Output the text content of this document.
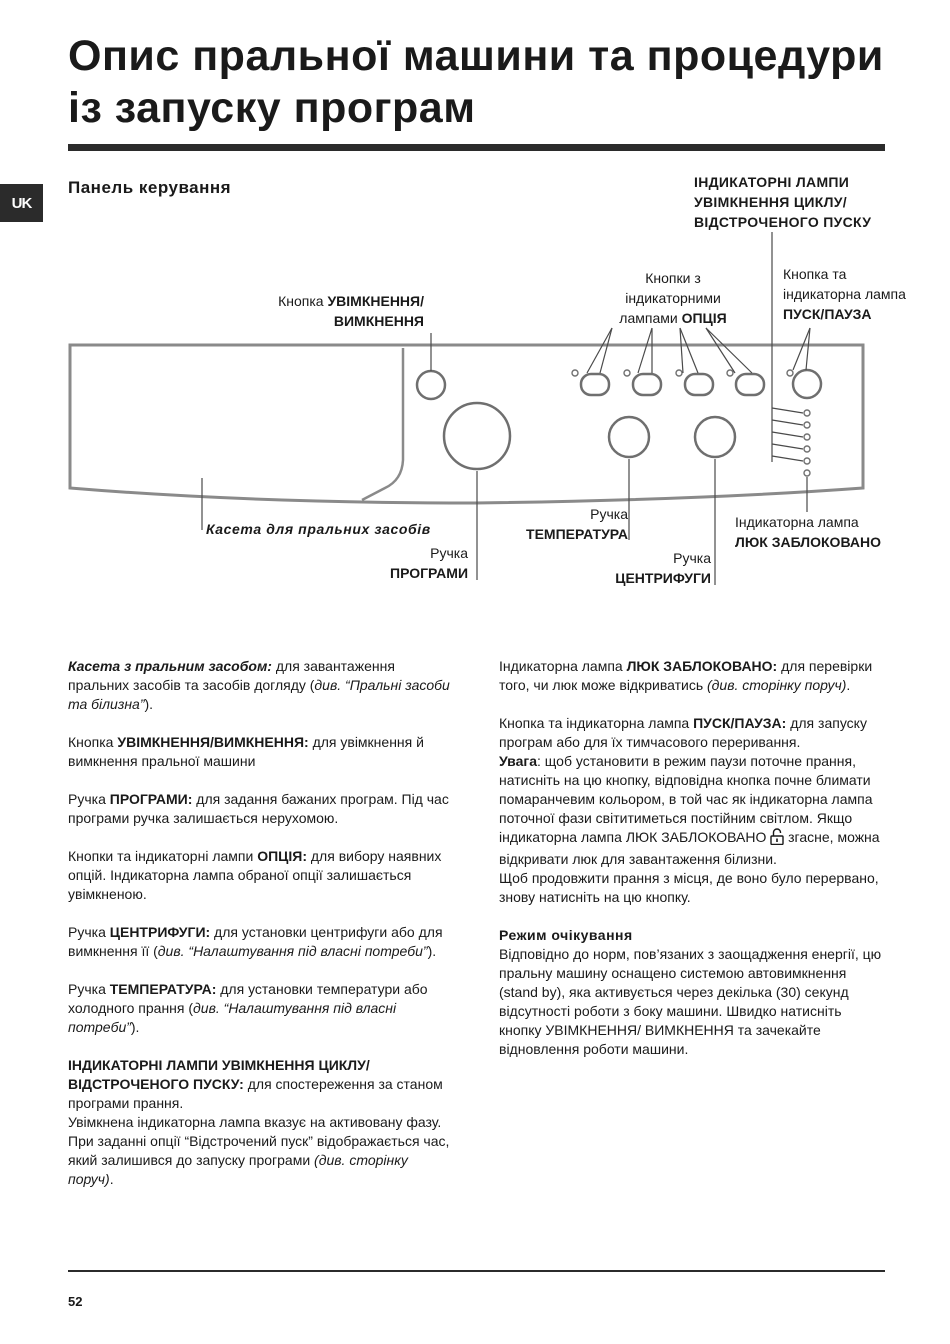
Опис пральної машини та процедури із запуску програм
UK
Панель керування	ІНДИКАТОРНІ ЛАМПИ
УВІМКНЕННЯ ЦИКЛУ/
ВІДСТРОЧЕНОГО ПУСКУ
Кнопка УВІМКНЕННЯ/
ВИМКНЕННЯ
Кнопки з
індикаторними
лампами ОПЦІЯ
Кнопка та
індикаторна лампа
ПУСК/ПАУЗА
Касета для пральних засобів
Ручка
ПРОГРАМИ
Ручка
ТЕМПЕРАТУРА
Ручка
ЦЕНТРИФУГИ
Індикаторна лампа
ЛЮК ЗАБЛОКОВАНО

Касета з пральним засобом: для завантаження пральних засобів та засобів догляду (див. “Пральні засоби та білизна”).

Кнопка УВІМКНЕННЯ/ВИМКНЕННЯ: для увімкнення й вимкнення пральної машини

Ручка ПРОГРАМИ: для задання бажаних програм. Під час програми ручка залишається нерухомою.

Кнопки та індикаторні лампи ОПЦІЯ: для вибору наявних опцій. Індикаторна лампа обраної опції залишається увімкненою.

Ручка ЦЕНТРИФУГИ: для установки центрифуги або для вимкнення її (див. “Налаштування під власні потреби”).

Ручка ТЕМПЕРАТУРА: для установки температури або холодного прання (див. “Налаштування під власні потреби”).

ІНДИКАТОРНІ ЛАМПИ УВІМКНЕННЯ ЦИКЛУ/ ВІДСТРОЧЕНОГО ПУСКУ: для спостереження за станом програми прання.
Увімкнена індикаторна лампа вказує на активовану фазу.
При заданні опції “Відстрочений пуск” відображається час, який залишився до запуску програми (див. сторінку поруч).

Індикаторна лампа ЛЮК ЗАБЛОКОВАНО: для перевірки того, чи люк може відкриватись (див. сторінку поруч).

Кнопка та індикаторна лампа ПУСК/ПАУЗА: для запуску програм або для їх тимчасового переривання.
Увага: щоб установити в режим паузи поточне прання, натисніть на цю кнопку, відповідна кнопка почне блимати помаранчевим кольором, в той час як індикаторна лампа поточної фази світитиметься постійним світлом. Якщо індикаторна лампа ЛЮК ЗАБЛОКОВАНО  згасне, можна відкривати люк для завантаження білизни.
Щоб продовжити прання з місця, де воно було перервано, знову натисніть на цю кнопку.

Режим очікування
Відповідно до норм, пов’язаних з заощадження енергії, цю пральну машину оснащено системою автовимкнення (stand by), яка активується через декілька (30) секунд відсутності роботи з боку машини. Швидко натисніть кнопку УВІМКНЕННЯ/ ВИМКНЕННЯ та зачекайте відновлення роботи машини.

52
